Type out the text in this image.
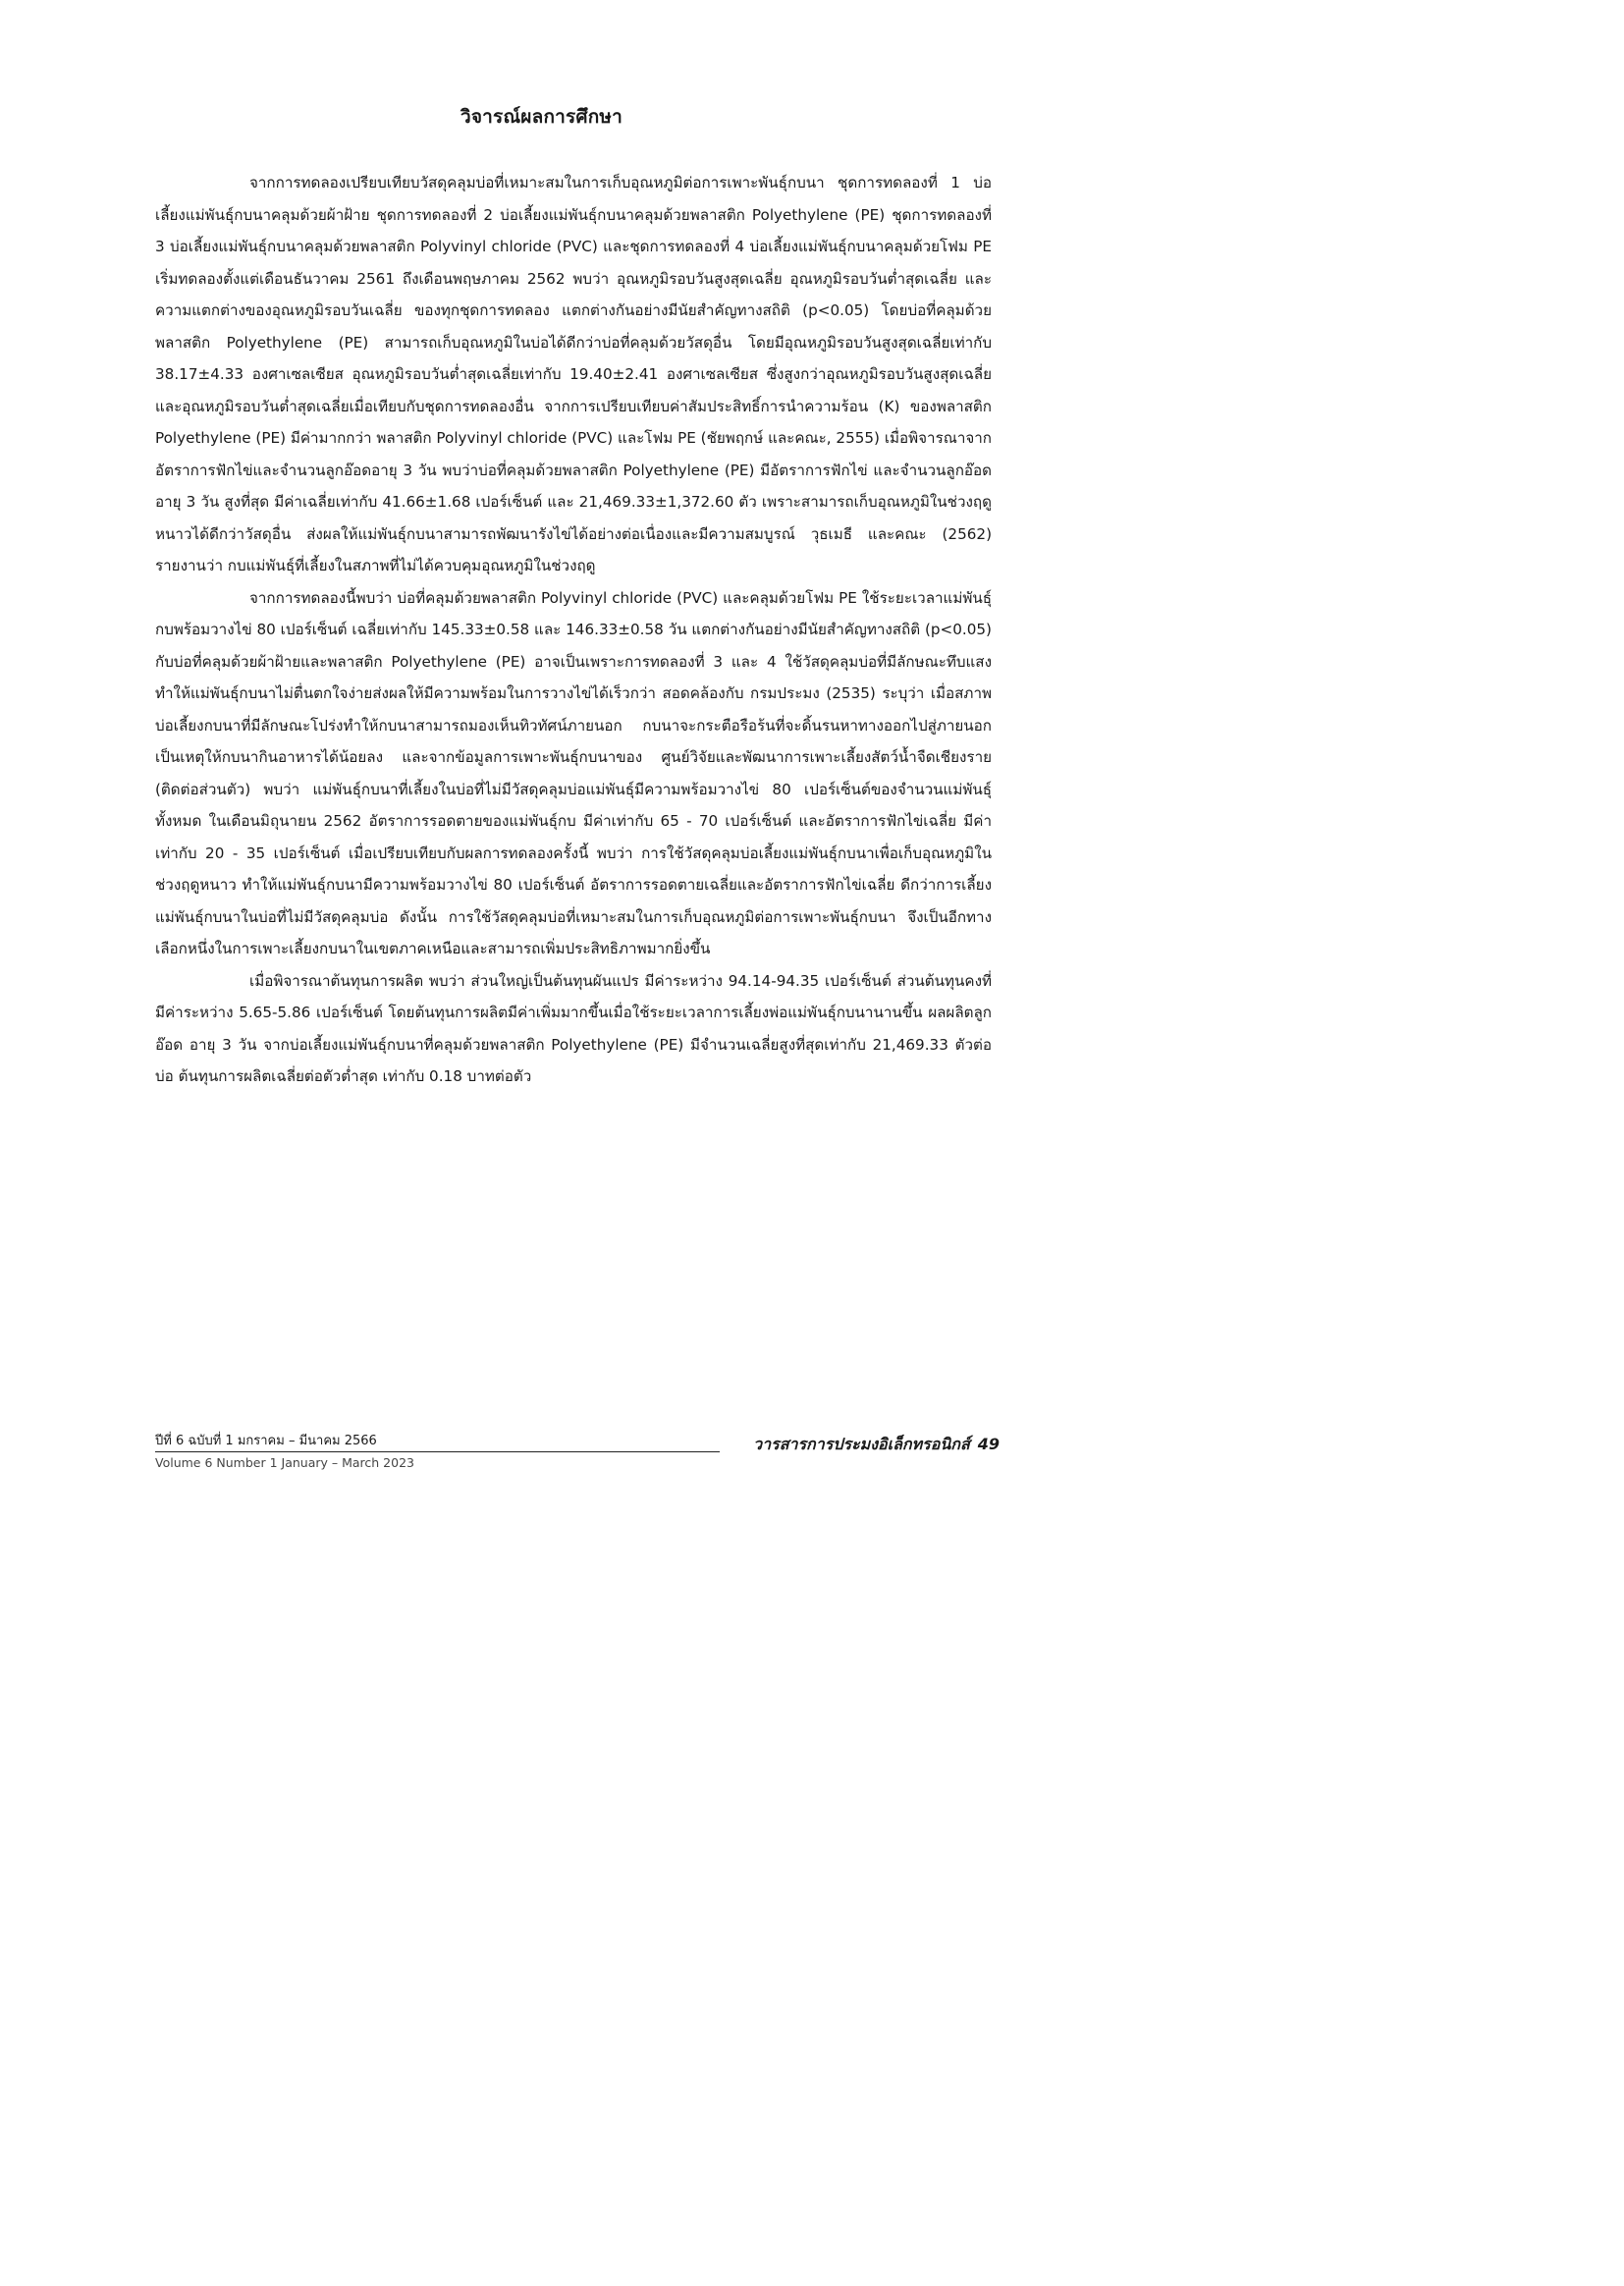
วิจารณ์ผลการศึกษา

จากการทดลองเปรียบเทียบวัสดุคลุมบ่อที่เหมาะสมในการเก็บอุณหภูมิต่อการเพาะพันธุ์กบนา ชุดการทดลองที่ 1 บ่อเลี้ยงแม่พันธุ์กบนาคลุมด้วยผ้าฝ้าย ชุดการทดลองที่ 2 บ่อเลี้ยงแม่พันธุ์กบนาคลุมด้วยพลาสติก Polyethylene (PE) ชุดการทดลองที่ 3 บ่อเลี้ยงแม่พันธุ์กบนาคลุมด้วยพลาสติก Polyvinyl chloride (PVC) และชุดการทดลองที่ 4 บ่อเลี้ยงแม่พันธุ์กบนาคลุมด้วยโฟม PE เริ่มทดลองตั้งแต่เดือนธันวาคม 2561 ถึงเดือนพฤษภาคม 2562 พบว่า อุณหภูมิรอบวันสูงสุดเฉลี่ย อุณหภูมิรอบวันต่ำสุดเฉลี่ย และความแตกต่างของอุณหภูมิรอบวันเฉลี่ย ของทุกชุดการทดลอง แตกต่างกันอย่างมีนัยสำคัญทางสถิติ (p<0.05) โดยบ่อที่คลุมด้วยพลาสติก Polyethylene (PE) สามารถเก็บอุณหภูมิในบ่อได้ดีกว่าบ่อที่คลุมด้วยวัสดุอื่น โดยมีอุณหภูมิรอบวันสูงสุดเฉลี่ยเท่ากับ 38.17±4.33 องศาเซลเซียส อุณหภูมิรอบวันต่ำสุดเฉลี่ยเท่ากับ 19.40±2.41 องศาเซลเซียส ซึ่งสูงกว่าอุณหภูมิรอบวันสูงสุดเฉลี่ยและอุณหภูมิรอบวันต่ำสุดเฉลี่ยเมื่อเทียบกับชุดการทดลองอื่น จากการเปรียบเทียบค่าสัมประสิทธิ์การนำความร้อน (K) ของพลาสติก Polyethylene (PE) มีค่ามากกว่า พลาสติก Polyvinyl chloride (PVC) และโฟม PE (ชัยพฤกษ์ และคณะ, 2555) เมื่อพิจารณาจากอัตราการฟักไข่และจำนวนลูกอ๊อดอายุ 3 วัน พบว่าบ่อที่คลุมด้วยพลาสติก Polyethylene (PE) มีอัตราการฟักไข่ และจำนวนลูกอ๊อดอายุ 3 วัน สูงที่สุด มีค่าเฉลี่ยเท่ากับ 41.66±1.68 เปอร์เซ็นต์ และ 21,469.33±1,372.60 ตัว เพราะสามารถเก็บอุณหภูมิในช่วงฤดูหนาวได้ดีกว่าวัสดุอื่น ส่งผลให้แม่พันธุ์กบนาสามารถพัฒนารังไข่ได้อย่างต่อเนื่องและมีความสมบูรณ์ วุธเมธี และคณะ (2562) รายงานว่า กบแม่พันธุ์ที่เลี้ยงในสภาพที่ไม่ได้ควบคุมอุณหภูมิในช่วงฤดู

จากการทดลองนี้พบว่า บ่อที่คลุมด้วยพลาสติก Polyvinyl chloride (PVC) และคลุมด้วยโฟม PE ใช้ระยะเวลาแม่พันธุ์กบพร้อมวางไข่ 80 เปอร์เซ็นต์ เฉลี่ยเท่ากับ 145.33±0.58 และ 146.33±0.58 วัน แตกต่างกันอย่างมีนัยสำคัญทางสถิติ (p<0.05) กับบ่อที่คลุมด้วยผ้าฝ้ายและพลาสติก Polyethylene (PE) อาจเป็นเพราะการทดลองที่ 3 และ 4 ใช้วัสดุคลุมบ่อที่มีลักษณะทึบแสง ทำให้แม่พันธุ์กบนาไม่ตื่นตกใจง่ายส่งผลให้มีความพร้อมในการวางไข่ได้เร็วกว่า สอดคล้องกับ กรมประมง (2535) ระบุว่า เมื่อสภาพบ่อเลี้ยงกบนาที่มีลักษณะโปร่งทำให้กบนาสามารถมองเห็นทิวทัศน์ภายนอก กบนาจะกระตือรือร้นที่จะดิ้นรนหาทางออกไปสู่ภายนอก เป็นเหตุให้กบนากินอาหารได้น้อยลง และจากข้อมูลการเพาะพันธุ์กบนาของ ศูนย์วิจัยและพัฒนาการเพาะเลี้ยงสัตว์น้ำจืดเชียงราย (ติดต่อส่วนตัว) พบว่า แม่พันธุ์กบนาที่เลี้ยงในบ่อที่ไม่มีวัสดุคลุมบ่อแม่พันธุ์มีความพร้อมวางไข่ 80 เปอร์เซ็นต์ของจำนวนแม่พันธุ์ทั้งหมด ในเดือนมิถุนายน 2562 อัตราการรอดตายของแม่พันธุ์กบ มีค่าเท่ากับ 65 - 70 เปอร์เซ็นต์ และอัตราการฟักไข่เฉลี่ย มีค่าเท่ากับ 20 - 35 เปอร์เซ็นต์ เมื่อเปรียบเทียบกับผลการทดลองครั้งนี้ พบว่า การใช้วัสดุคลุมบ่อเลี้ยงแม่พันธุ์กบนาเพื่อเก็บอุณหภูมิในช่วงฤดูหนาว ทำให้แม่พันธุ์กบนามีความพร้อมวางไข่ 80 เปอร์เซ็นต์ อัตราการรอดตายเฉลี่ยและอัตราการฟักไข่เฉลี่ย ดีกว่าการเลี้ยงแม่พันธุ์กบนาในบ่อที่ไม่มีวัสดุคลุมบ่อ ดังนั้น การใช้วัสดุคลุมบ่อที่เหมาะสมในการเก็บอุณหภูมิต่อการเพาะพันธุ์กบนา จึงเป็นอีกทางเลือกหนึ่งในการเพาะเลี้ยงกบนาในเขตภาคเหนือและสามารถเพิ่มประสิทธิภาพมากยิ่งขึ้น

เมื่อพิจารณาต้นทุนการผลิต พบว่า ส่วนใหญ่เป็นต้นทุนผันแปร มีค่าระหว่าง 94.14-94.35 เปอร์เซ็นต์ ส่วนต้นทุนคงที่ มีค่าระหว่าง 5.65-5.86 เปอร์เซ็นต์ โดยต้นทุนการผลิตมีค่าเพิ่มมากขึ้นเมื่อใช้ระยะเวลาการเลี้ยงพ่อแม่พันธุ์กบนานานขึ้น ผลผลิตลูกอ๊อด อายุ 3 วัน จากบ่อเลี้ยงแม่พันธุ์กบนาที่คลุมด้วยพลาสติก Polyethylene (PE) มีจำนวนเฉลี่ยสูงที่สุดเท่ากับ 21,469.33 ตัวต่อบ่อ ต้นทุนการผลิตเฉลี่ยต่อตัวต่ำสุด เท่ากับ 0.18 บาทต่อตัว

ปีที่ 6 ฉบับที่ 1 มกราคม – มีนาคม 2566
Volume 6 Number 1 January – March 2023
วารสารการประมงอิเล็กทรอนิกส์ 49
